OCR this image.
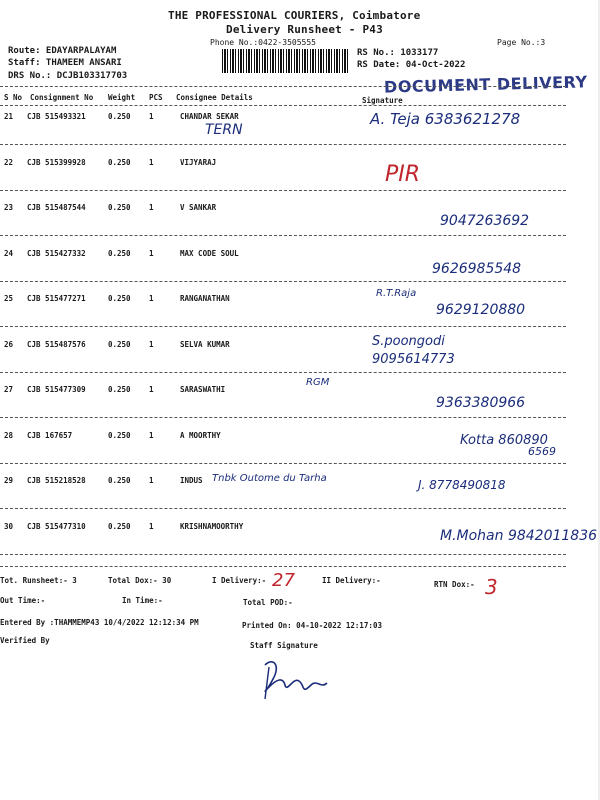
THE PROFESSIONAL COURIERS, Coimbatore
Delivery Runsheet - P43
Phone No.:0422-3505555	Page No.:3
Route: EDAYARPALAYAM
Staff: THAMEEM ANSARI
DRS No.: DCJB103317703
RS No.: 1033177
RS Date: 04-Oct-2022
DOCUMENT DELIVERY
S No Consignment No Weight PCS Consignee Details	Signature
21 CJB 515493321	0.250 1	CHANDAR SEKAR	A. Teja 6383621278
TERN
22 CJB 515399928	0.250 1	VIJYARAJ	PIR
23 CJB 515487544	0.250 1	V SANKAR
9047263692
24 CJB 515427332	0.250 1	MAX CODE SOUL
9626985548
25 CJB 515477271	0.250 1	RANGANATHAN
9629120880
R.T.Raja
26 CJB 515487576	0.250 1	SELVA KUMAR	S.poongodi
9095614773
27 CJB 515477309	0.250 1	SARASWATHI
9363380966
RGM
28 CJB 167657	0.250 1	A MOORTHY	Kotta 860890
6569
29 CJB 515218528	0.250 1	INDUS Tnbk Outome du Tarha	J. 8778490818
30 CJB 515477310	0.250 1	KRISHNAMOORTHY
M.Mohan 9842011836
Tot. Runsheet:- 3	Total Dox:- 30	I Delivery:- 27	II Delivery:-	RTN Dox:- 3
Out Time:-	In Time:-	Total POD:-
Entered By :THAMMEMP43 10/4/2022 12:12:34 PM	Printed On: 04-10-2022 12:17:03
Verified By
Staff Signature
